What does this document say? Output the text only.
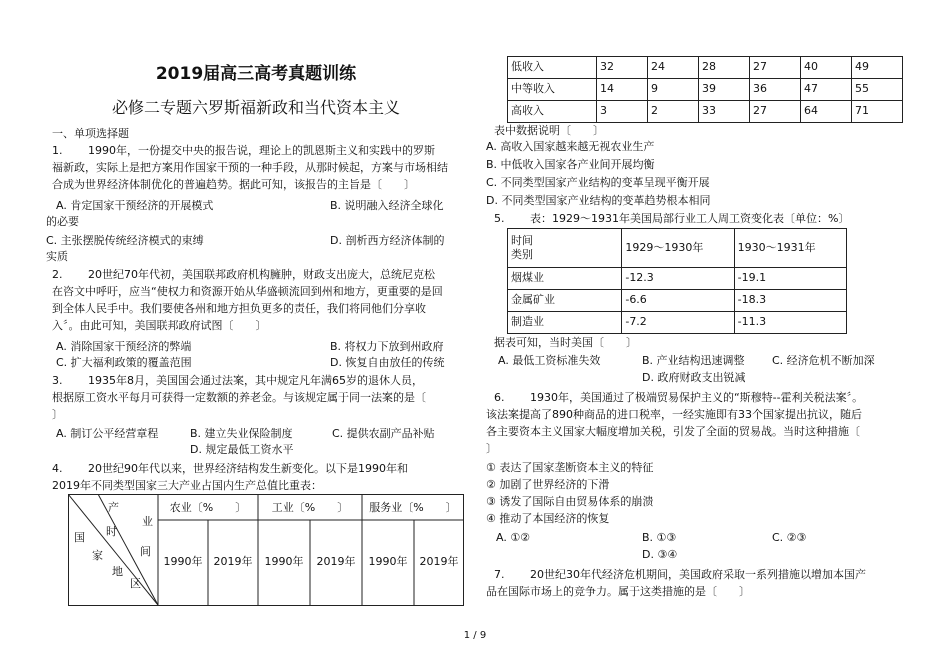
2019届高三高考真题训练
必修二专题六罗斯福新政和当代资本主义
一、单项选择题
1.　　 1990年，一份提交中央的报告说，理论上的凯恩斯主义和实践中的罗斯
福新政，实际上是把方案用作国家干预的一种手段，从那时候起，方案与市场相结
合成为世界经济体制优化的普遍趋势。据此可知，该报告的主旨是〔　　〕
A. 肯定国家干预经济的开展模式	B. 说明融入经济全球化
的必要
C. 主张摆脱传统经济模式的束缚	D. 剖析西方经济体制的
实质
2.　　 20世纪70年代初，美国联邦政府机构臃肿，财政支出庞大，总统尼克松
在咨文中呼吁，应当“使权力和资源开始从华盛顿流回到州和地方，更重要的是回
到全体人民手中。我们要使各州和地方担负更多的责任，我们将同他们分享收
入〞。由此可知，美国联邦政府试图〔　　〕
A. 消除国家干预经济的弊端	B. 将权力下放到州政府
C. 扩大福利政策的覆盖范围	D. 恢复自由放任的传统
3.　　 1935年8月，美国国会通过法案，其中规定凡年满65岁的退休人员，
根据原工资水平每月可获得一定数额的养老金。与该规定属于同一法案的是〔
〕
A. 制订公平经营章程	B. 建立失业保险制度	C. 提供农副产品补贴
D. 规定最低工资水平
4.　　 20世纪90年代以来，世界经济结构发生新变化。以下是1990年和
2019年不同类型国家三大产业占国内生产总值比重表：
产
业
时
间
国
家
地
区
农业〔%　　〕	工业〔%　　〕	服务业〔%　　〕
1990年	2019年	1990年	2019年	1990年	2019年
低收入	32	24	28	27	40	49
中等收入	14	9	39	36	47	55
高收入	3	2	33	27	64	71
表中数据说明〔　　〕
A. 高收入国家越来越无视农业生产
B. 中低收入国家各产业间开展均衡
C. 不同类型国家产业结构的变革呈现平衡开展
D. 不同类型国家产业结构的变革趋势根本相同
5.　　 表：1929～1931年美国局部行业工人周工资变化表〔单位：%〕
时间
类别	1929～1930年	1930～1931年
烟煤业	-12.3	-19.1
金属矿业	-6.6	-18.3
制造业	-7.2	-11.3
据表可知，当时美国〔　　〕
A. 最低工资标准失效	B. 产业结构迅速调整 C. 经济危机不断加深
D. 政府财政支出锐减
6.　　 1930年，美国通过了极端贸易保护主义的“斯穆特--霍利关税法案〞。
该法案提高了890种商品的进口税率，一经实施即有33个国家提出抗议，随后
各主要资本主义国家大幅度增加关税，引发了全面的贸易战。当时这种措施〔
〕
① 表达了国家垄断资本主义的特征
② 加剧了世界经济的下滑
③ 诱发了国际自由贸易体系的崩溃
④ 推动了本国经济的恢复
A. ①②	B. ①③	C. ②③
D. ③④
7.　　 20世纪30年代经济危机期间，美国政府采取一系列措施以增加本国产
品在国际市场上的竞争力。属于这类措施的是〔　　〕
1 / 9
